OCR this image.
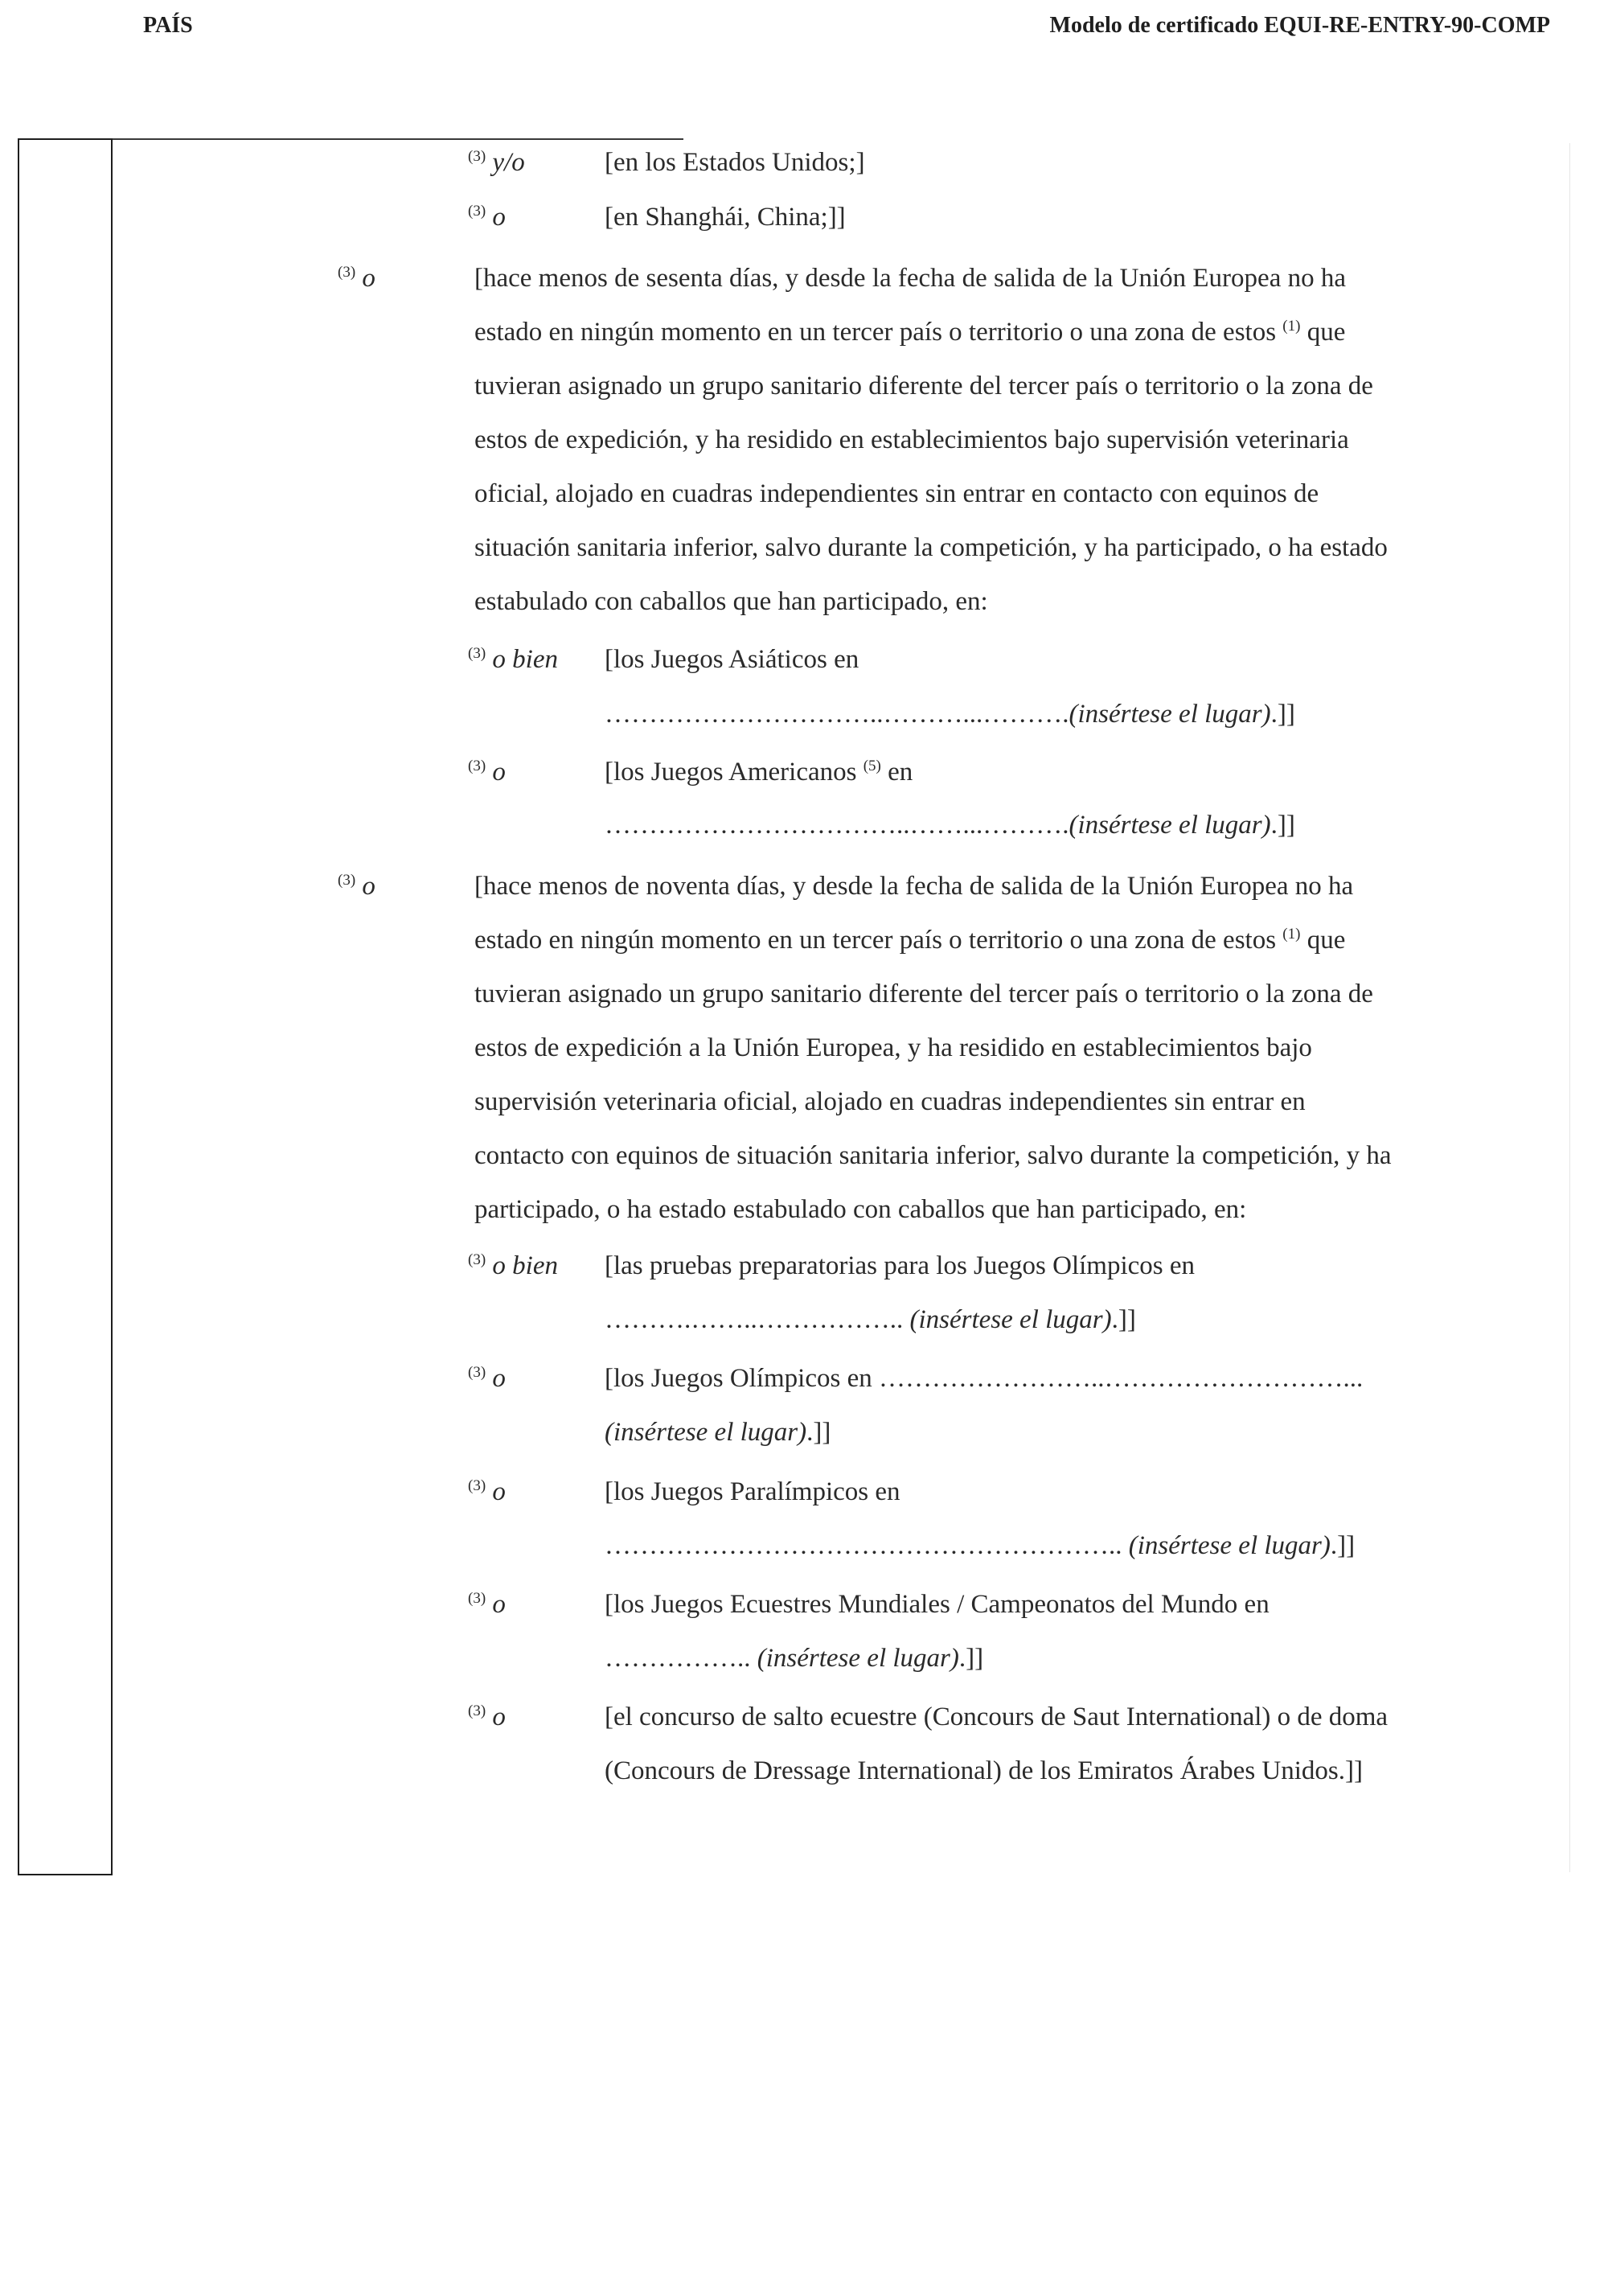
PAÍS	Modelo de certificado EQUI-RE-ENTRY-90-COMP
$^{(3)}$ y/o	[en los Estados Unidos;]
$^{(3)}$ o	[en Shanghái, China;]]
$^{(3)}$ o	[hace menos de sesenta días, y desde la fecha de salida de la Unión Europea no ha
estado en ningún momento en un tercer país o territorio o una zona de estos $^{(1)}$ que
tuvieran asignado un grupo sanitario diferente del tercer país o territorio o la zona de
estos de expedición, y ha residido en establecimientos bajo supervisión veterinaria
oficial, alojado en cuadras independientes sin entrar en contacto con equinos de
situación sanitaria inferior, salvo durante la competición, y ha participado, o ha estado
estabulado con caballos que han participado, en:
$^{(3)}$ o bien [los Juegos Asiáticos en
…………………………..………...……….(insértese el lugar).]]
$^{(3)}$ o	[los Juegos Americanos $^{(5)}$ en
……………………………..……...……….(insértese el lugar).]]
$^{(3)}$ o	[hace menos de noventa días, y desde la fecha de salida de la Unión Europea no ha
estado en ningún momento en un tercer país o territorio o una zona de estos $^{(1)}$ que
tuvieran asignado un grupo sanitario diferente del tercer país o territorio o la zona de
estos de expedición a la Unión Europea, y ha residido en establecimientos bajo
supervisión veterinaria oficial, alojado en cuadras independientes sin entrar en
contacto con equinos de situación sanitaria inferior, salvo durante la competición, y ha
participado, o ha estado estabulado con caballos que han participado, en:
$^{(3)}$ o bien [las pruebas preparatorias para los Juegos Olímpicos en
……….……..…………….. (insértese el lugar).]]
$^{(3)}$ o	[los Juegos Olímpicos en ……………………..………………………...
(insértese el lugar).]]
$^{(3)}$ o	[los Juegos Paralímpicos en
………………………………………………….. (insértese el lugar).]]
$^{(3)}$ o	[los Juegos Ecuestres Mundiales / Campeonatos del Mundo en
…………….. (insértese el lugar).]]
$^{(3)}$ o	[el concurso de salto ecuestre (Concours de Saut International) o de doma
(Concours de Dressage International) de los Emiratos Árabes Unidos.]]
